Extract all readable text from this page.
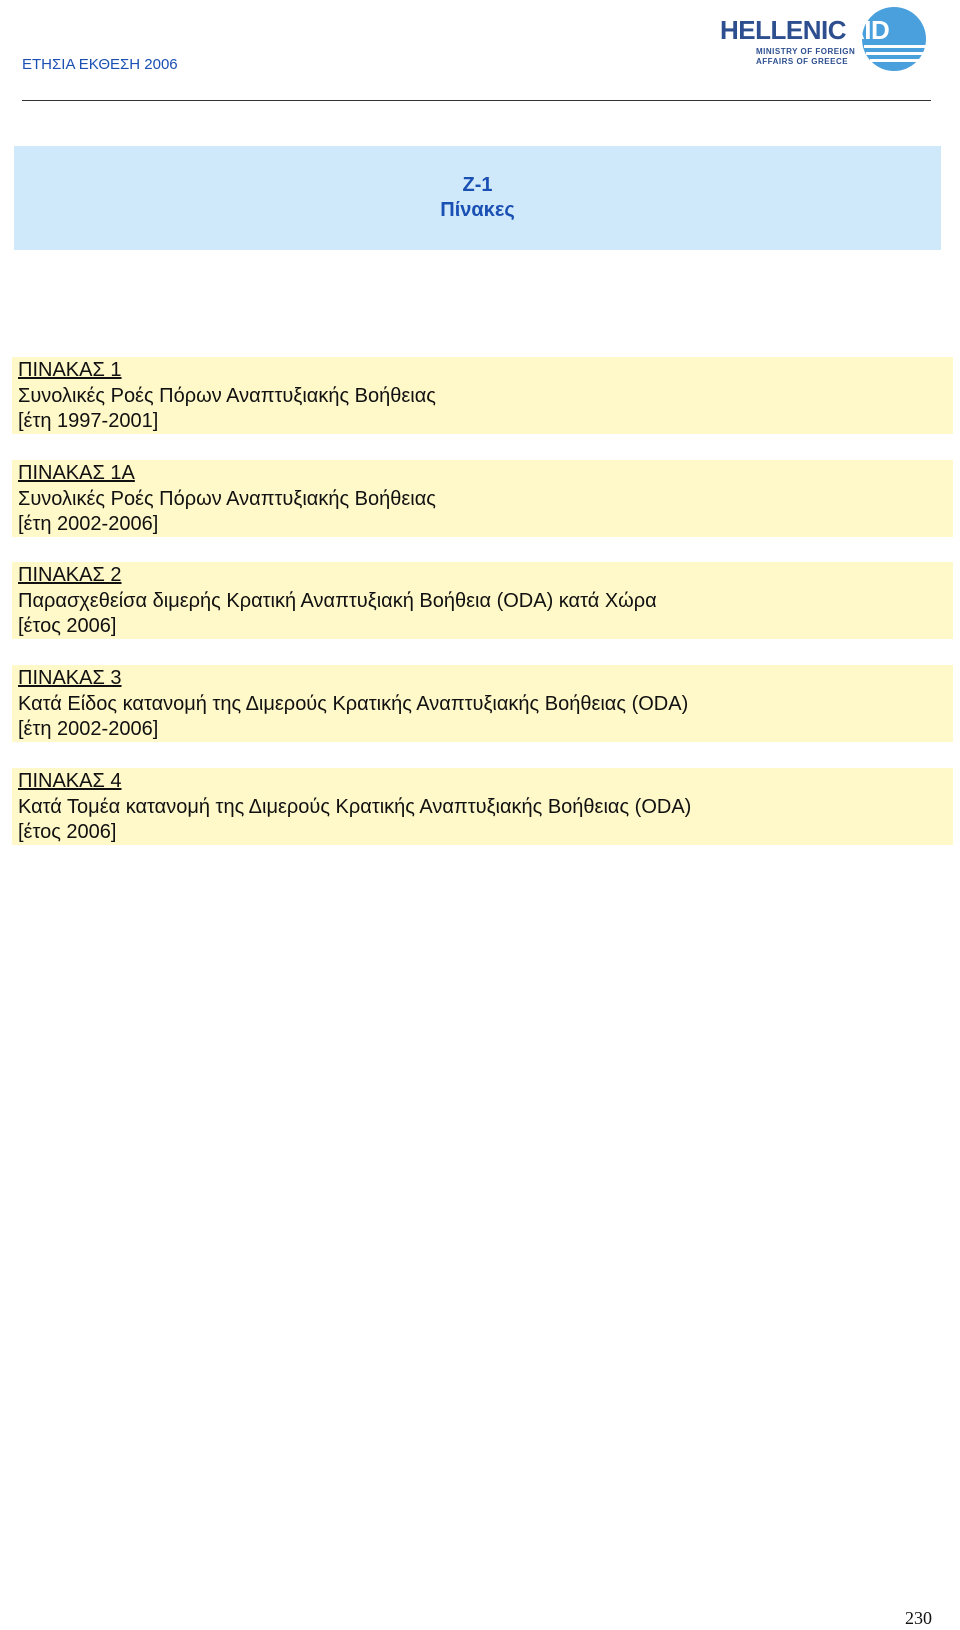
ΕΤΗΣΙΑ ΕΚΘΕΣΗ 2006
HELLENICAID
MINISTRY OF FOREIGN
AFFAIRS OF GREECE
Ζ-1
Πίνακες
ΠΙΝΑΚΑΣ 1
Συνολικές Ροές Πόρων Αναπτυξιακής Βοήθειας
[έτη 1997-2001]
ΠΙΝΑΚΑΣ 1Α
Συνολικές Ροές Πόρων Αναπτυξιακής Βοήθειας
[έτη 2002-2006]
ΠΙΝΑΚΑΣ 2
Παρασχεθείσα διμερής Κρατική Αναπτυξιακή Βοήθεια (ODA) κατά Χώρα
[έτος 2006]
ΠΙΝΑΚΑΣ 3
Κατά Είδος κατανομή της Διμερούς Κρατικής Αναπτυξιακής Βοήθειας (ODA)
[έτη 2002-2006]
ΠΙΝΑΚΑΣ 4
Κατά Τομέα κατανομή της Διμερούς Κρατικής Αναπτυξιακής Βοήθειας (ODA)
[έτος 2006]
230
